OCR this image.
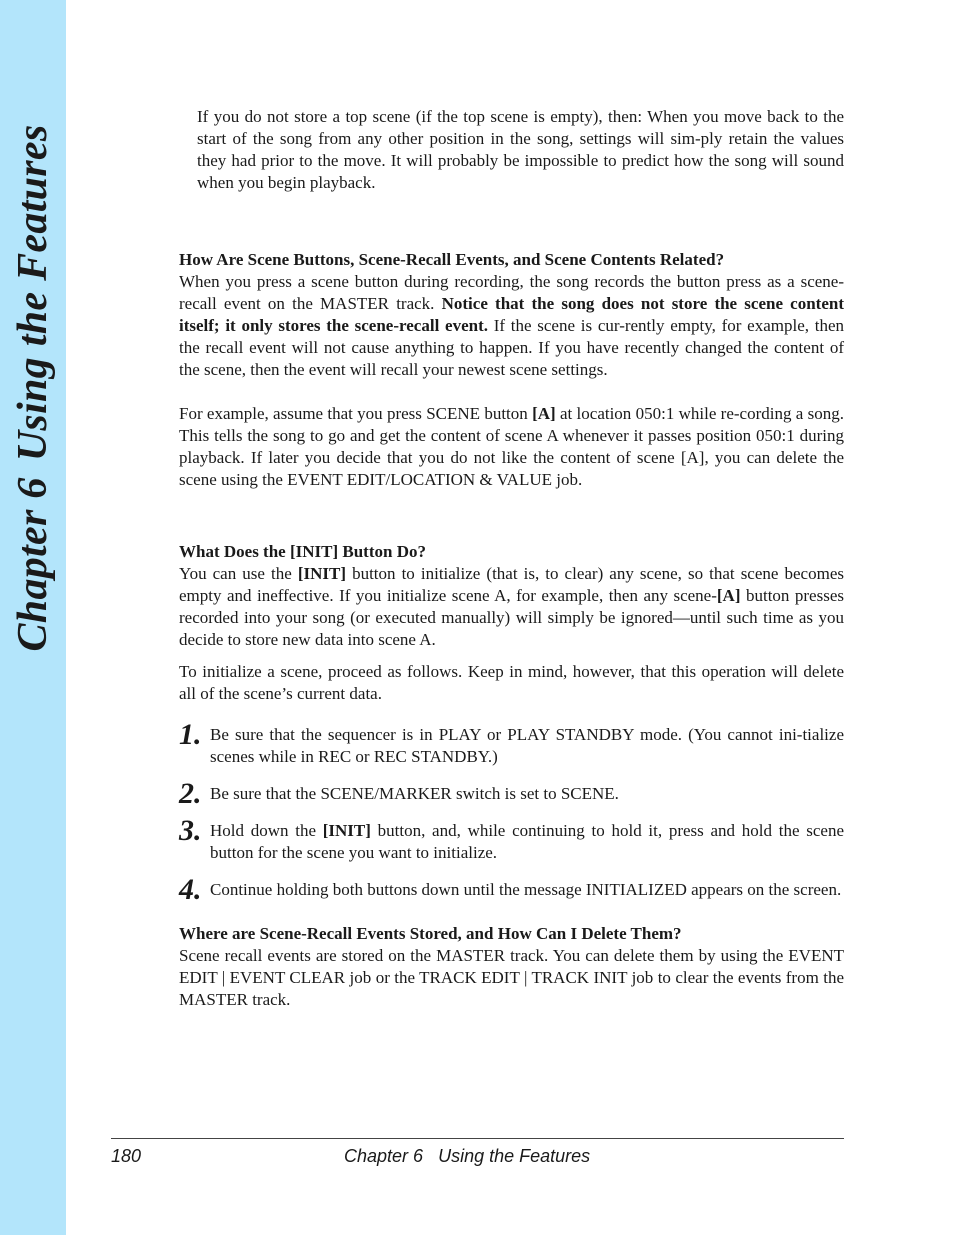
Chapter 6Using the Features

If you do not store a top scene (if the top scene is empty), then: When you move back to the start of the song from any other position in the song, settings will sim-ply retain the values they had prior to the move. It will probably be impossible to predict how the song will sound when you begin playback.

How Are Scene Buttons, Scene-Recall Events, and Scene Contents Related?

When you press a scene button during recording, the song records the button press as a scene-recall event on the MASTER track. Notice that the song does not store the scene content itself; it only stores the scene-recall event. If the scene is cur-rently empty, for example, then the recall event will not cause anything to happen. If you have recently changed the content of the scene, then the event will recall your newest scene settings.

For example, assume that you press SCENE button [A] at location 050:1 while re-cording a song. This tells the song to go and get the content of scene A whenever it passes position 050:1 during playback. If later you decide that you do not like the content of scene [A], you can delete the scene using the EVENT EDIT/LOCATION & VALUE job.

What Does the [INIT] Button Do?

You can use the [INIT] button to initialize (that is, to clear) any scene, so that scene becomes empty and ineffective. If you initialize scene A, for example, then any scene-[A] button presses recorded into your song (or executed manually) will simply be ignored—until such time as you decide to store new data into scene A.

To initialize a scene, proceed as follows. Keep in mind, however, that this operation will delete all of the scene’s current data.

1. Be sure that the sequencer is in PLAY or PLAY STANDBY mode. (You cannot ini-tialize scenes while in REC or REC STANDBY.)

2. Be sure that the SCENE/MARKER switch is set to SCENE.

3. Hold down the [INIT] button, and, while continuing to hold it, press and hold the scene button for the scene you want to initialize.

4. Continue holding both buttons down until the message INITIALIZED appears on the screen.

Where are Scene-Recall Events Stored, and How Can I Delete Them?

Scene recall events are stored on the MASTER track. You can delete them by using the EVENT EDIT | EVENT CLEAR job or the TRACK EDIT | TRACK INIT job to clear the events from the MASTER track.

180	Chapter 6 Using the Features
